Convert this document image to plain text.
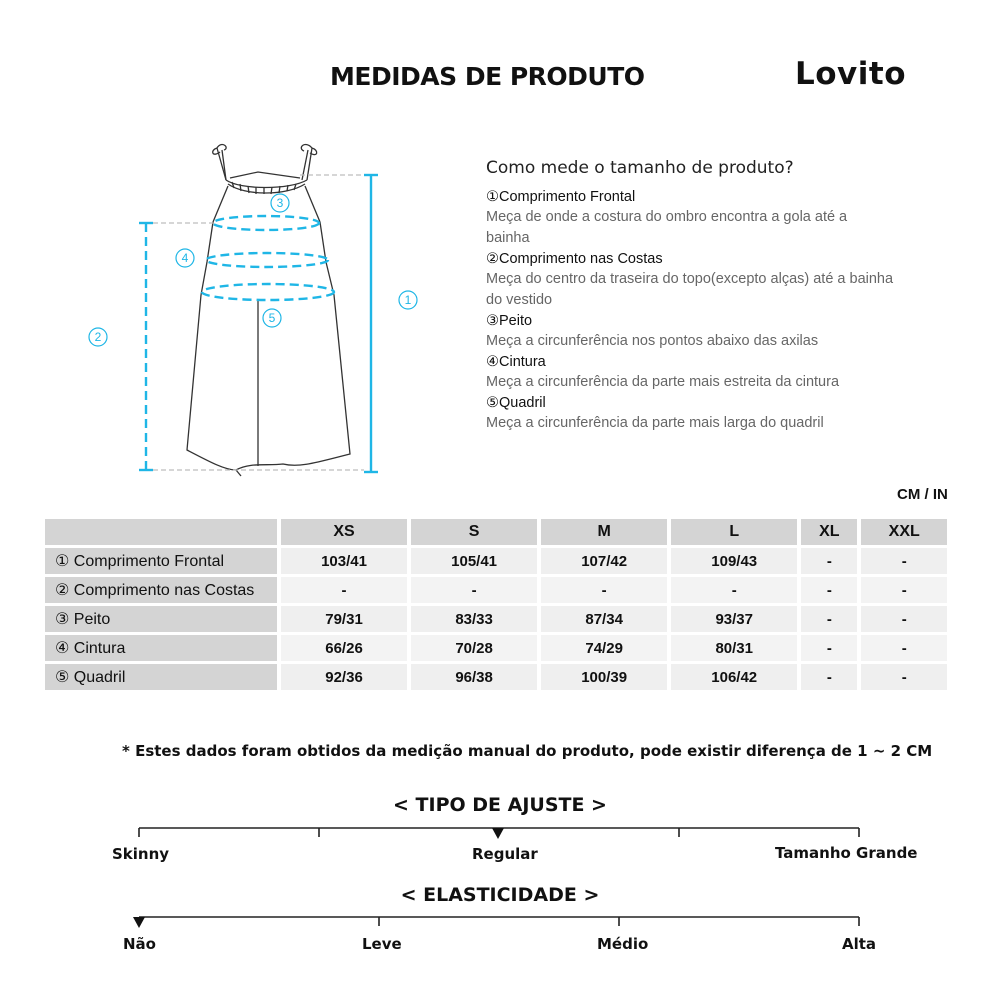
MEDIDAS DE PRODUTO	Lovito
3
4
5
1
2
Como mede o tamanho de produto?
①Comprimento Frontal
Meça de onde a costura do ombro encontra a gola até a
bainha
②Comprimento nas Costas
Meça do centro da traseira do topo(excepto alças) até a bainha
do vestido
③Peito
Meça a circunferência nos pontos abaixo das axilas
④Cintura
Meça a circunferência da parte mais estreita da cintura
⑤Quadril
Meça a circunferência da parte mais larga do quadril
CM / IN
	XS	S	M	L	XL	XXL
① Comprimento Frontal	103/41	105/41	107/42	109/43	-	-
② Comprimento nas Costas	-	-	-	-	-	-
③ Peito	79/31	83/33	87/34	93/37	-	-
④ Cintura	66/26	70/28	74/29	80/31	-	-
⑤ Quadril	92/36	96/38	100/39	106/42	-	-
* Estes dados foram obtidos da medição manual do produto, pode existir diferença de 1 ~ 2 CM
< TIPO DE AJUSTE >
Skinny	Regular	Tamanho Grande
< ELASTICIDADE >
Não	Leve	Médio	Alta
